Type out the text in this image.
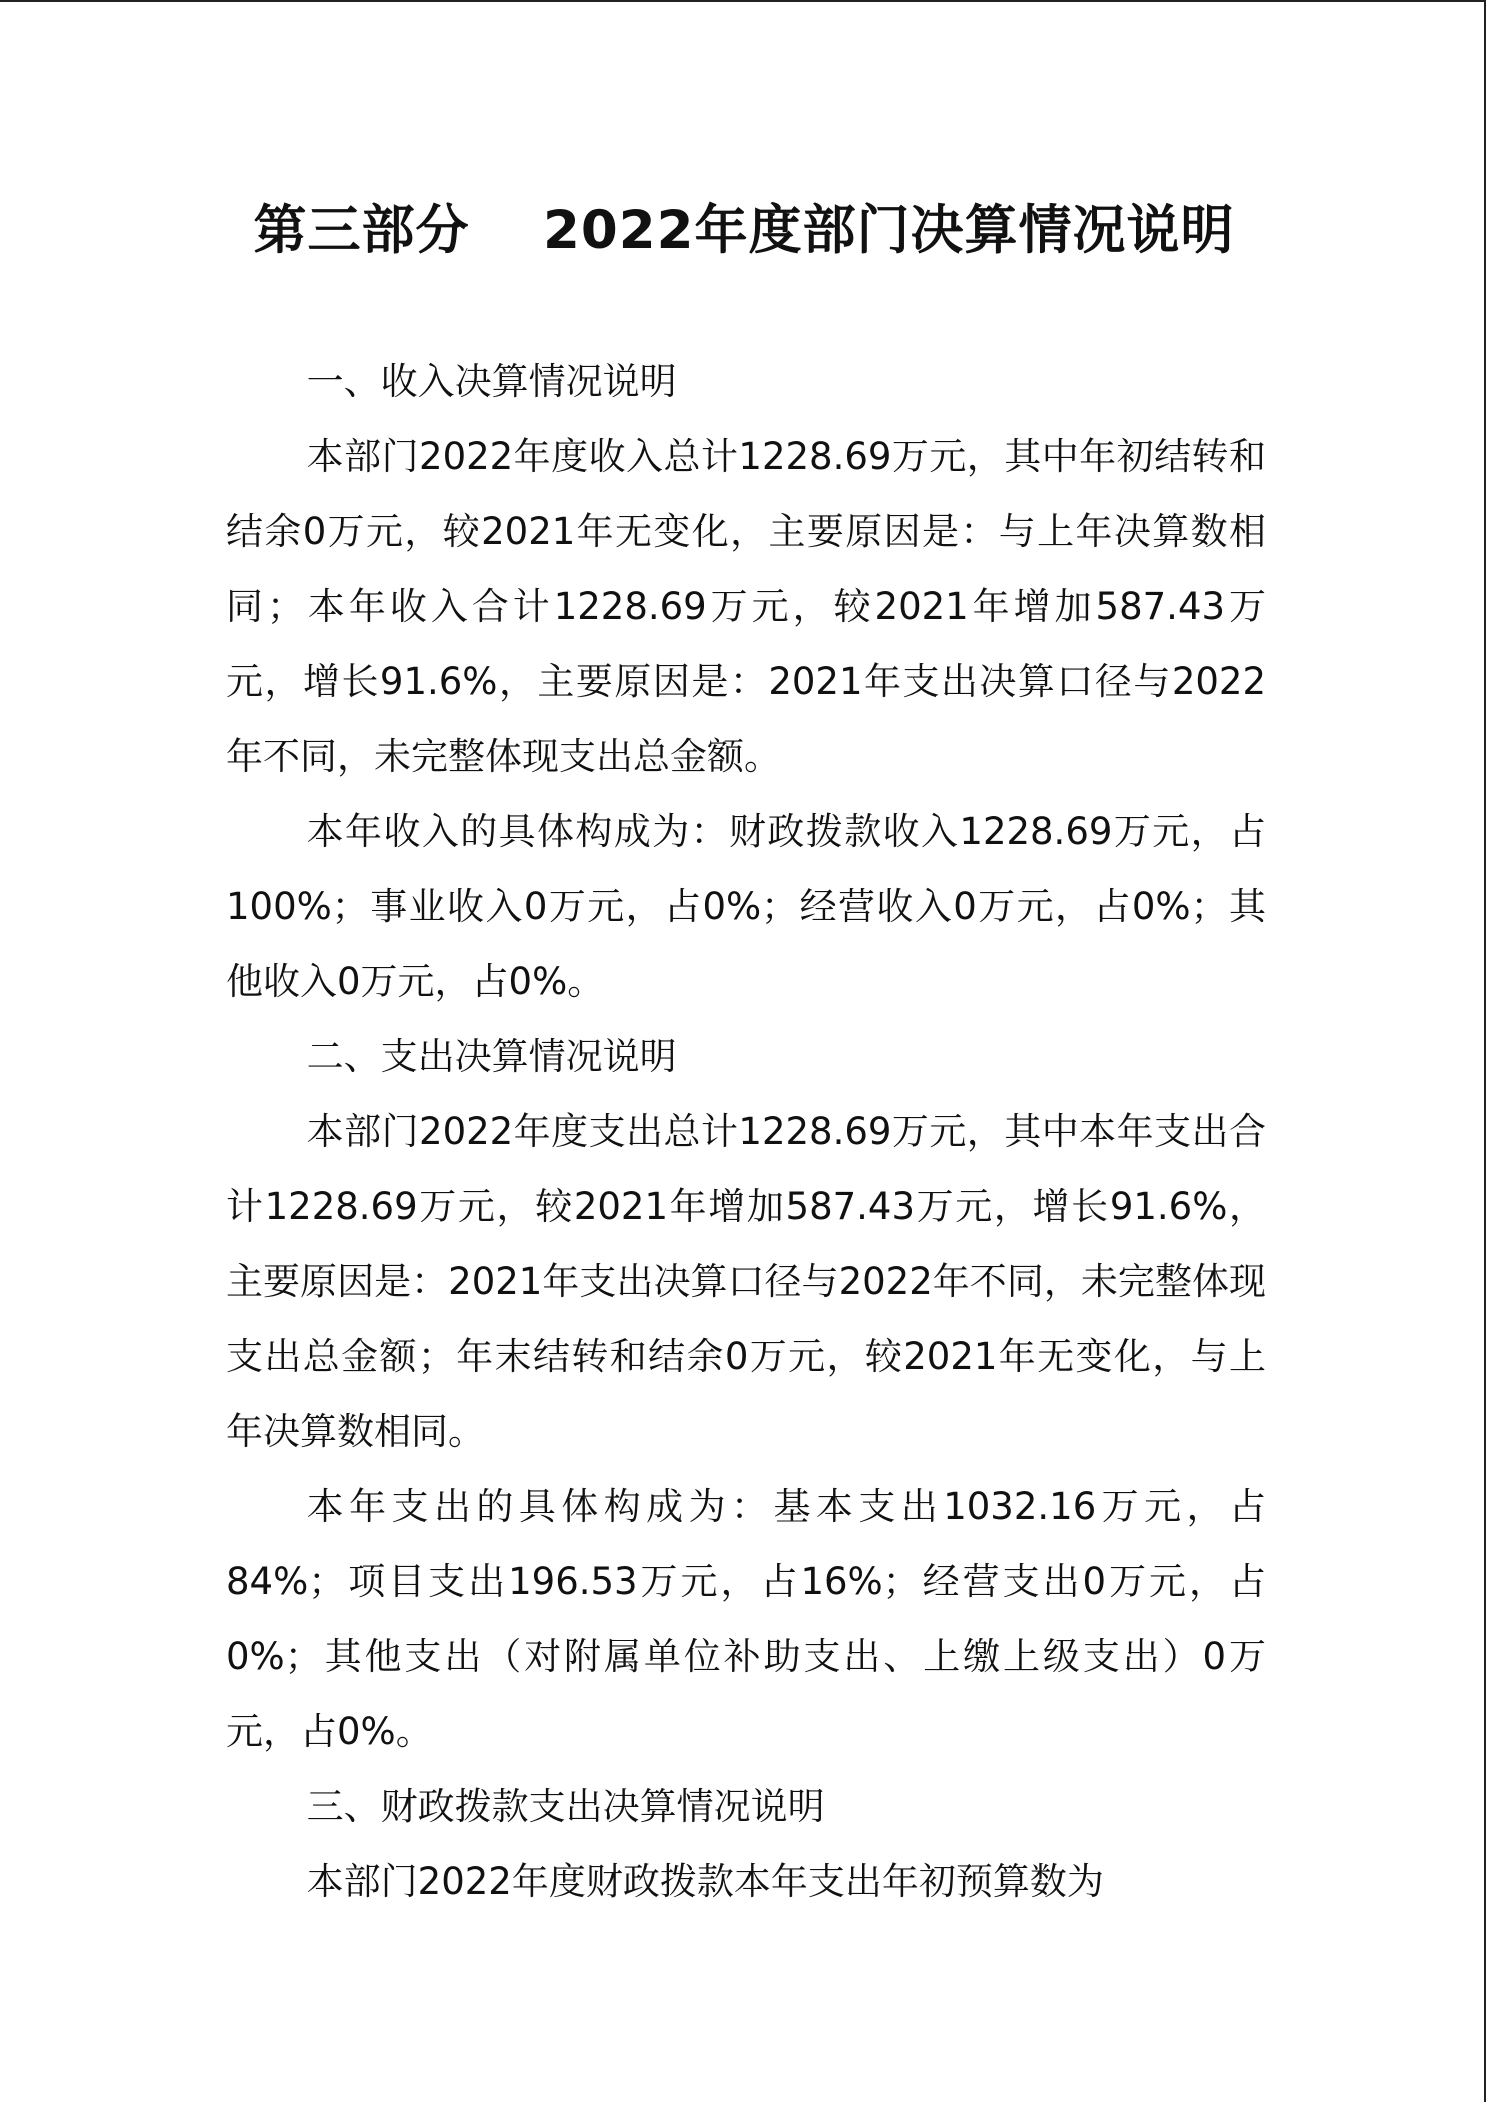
第三部分　 2022年度部门决算情况说明

一、收入决算情况说明

本部门2022年度收入总计1228.69万元，其中年初结转和结余0万元，较2021年无变化，主要原因是：与上年决算数相同；本年收入合计1228.69万元，较2021年增加587.43万元，增长91.6%，主要原因是：2021年支出决算口径与2022年不同，未完整体现支出总金额。

本年收入的具体构成为：财政拨款收入1228.69万元，占100%；事业收入0万元，占0%；经营收入0万元，占0%；其他收入0万元，占0%。

二、支出决算情况说明

本部门2022年度支出总计1228.69万元，其中本年支出合计1228.69万元，较2021年增加587.43万元，增长91.6%，主要原因是：2021年支出决算口径与2022年不同，未完整体现支出总金额；年末结转和结余0万元，较2021年无变化，与上年决算数相同。

本年支出的具体构成为：基本支出1032.16万元，占84%；项目支出196.53万元，占16%；经营支出0万元，占0%；其他支出（对附属单位补助支出、上缴上级支出）0万元，占0%。

三、财政拨款支出决算情况说明

本部门2022年度财政拨款本年支出年初预算数为
